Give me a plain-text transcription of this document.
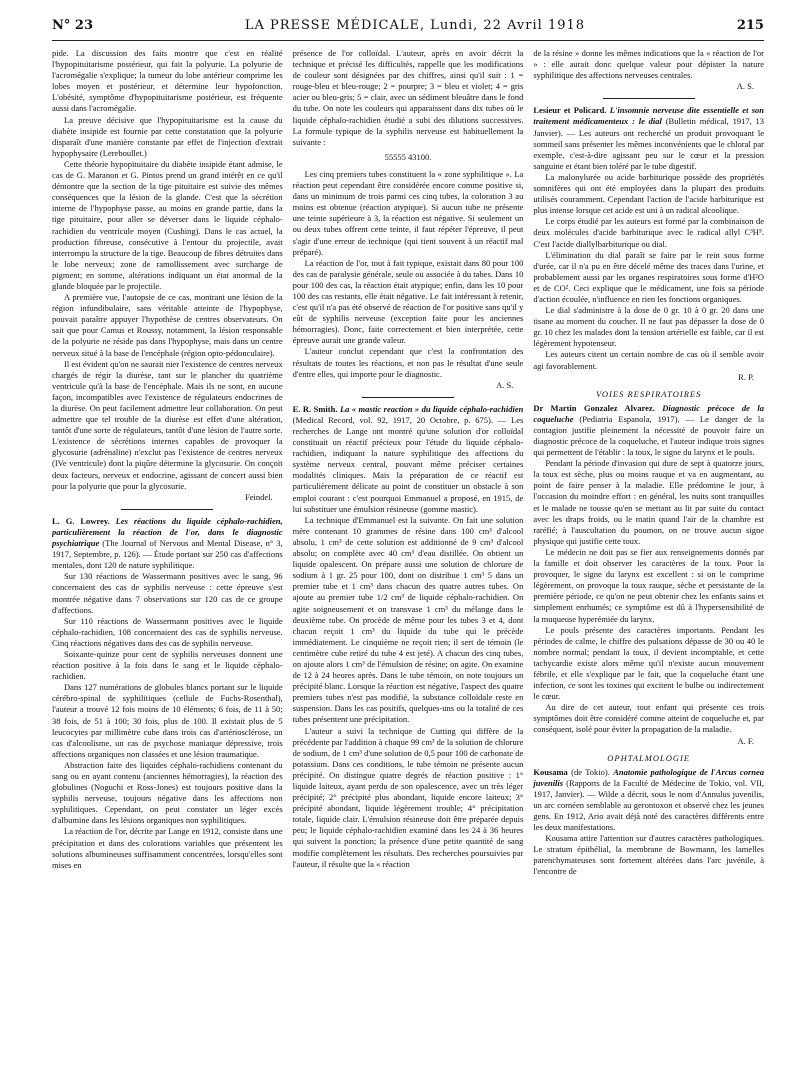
N° 23	LA PRESSE MÉDICALE, Lundi, 22 Avril 1918	215

pide. La discussion des faits montre que c'est en réalité l'hypopituitarisme postérieur, qui fait la polyurie. La polyurie de l'acromégalie s'explique; la tumeur du lobe antérieur comprime les lobes moyen et postérieur, et détermine leur hypofonction. L'obésité, symptôme d'hypopituitarisme postérieur, est fréquente aussi dans l'acromégalie.

La preuve décisive que l'hypopituitarisme est la cause du diabète insipide est fournie par cette constatation que la polyurie disparaît d'une manière constante par effet de l'injection d'extrait hypophysaire (Lereboullet.)

Cette théorie hypopituitaire du diabète insipide étant admise, le cas de G. Maranon et G. Pintos prend un grand intérêt en ce qu'il démontre que la section de la tige pituitaire est suivie des mêmes conséquences que la lésion de la glande. C'est que la sécrétion interne de l'hypophyse passe, au moins en grande partie, dans la tige pituitaire, pour aller se déverser dans le liquide céphalo-rachidien du ventricule moyen (Cushing). Dans le cas actuel, la production fibreuse, consécutive à l'entour du projectile, avait interrompu la structure de la tige. Beaucoup de fibres détruites dans le lobe nerveux; zone de ramollissement avec surcharge de pigment; en somme, altérations indiquant un état anormal de la glande bloquée par le projectile.

A première vue, l'autopsie de ce cas, montrant une lésion de la région infundibulaire, sans véritable atteinte de l'hypophyse, pouvait paraître appuyer l'hypothèse de centres observateurs. On sait que pour Camus et Roussy, notamment, la lésion responsable de la polyurie ne réside pas dans l'hypophyse, mais dans un centre nerveux situé à la base de l'encéphale (région opto-pédonculaire).

Il est évident qu'on ne saurait nier l'existence de centres nerveux chargés de régir la diurèse, tant sur le plancher du quatrième ventricule qu'à la base de l'encéphale. Mais ils ne sont, en aucune façon, incompatibles avec l'existence de régulateurs endocrines de la diurèse. On peut facilement admettre leur collaboration. On peut admettre que tel trouble de la diurèse est effet d'une altération, tantôt d'une sorte de régulateurs, tantôt d'une lésion de l'autre sorte. L'existence de sécrétions internes capables de provoquer la glycosurie (adrénaline) n'exclut pas l'existence de centres nerveux (IVe ventricule) dont la piqûre détermine la glycosurie. On conçoit deux facteurs, nerveux et endocrine, agissant de concert aussi bien pour la polyurie que pour la glycosurie.

Feindel.

L. G. Lowrey. Les réactions du liquide céphalo-rachidien, particulièrement la réaction de l'or, dans le diagnostic psychiatrique (The Journal of Nervous and Mental Disease, n° 3, 1917, Septembre, p. 126). — Étude portant sur 250 cas d'affections mentales, dont 120 de nature syphilitique.

Sur 130 réactions de Wassermann positives avec le sang, 96 concernaient des cas de syphilis nerveuse : cette épreuve s'est montrée négative dans 7 observations sur 120 cas de ce groupe d'affections.

Sur 110 réactions de Wassermann positives avec le liquide céphalo-rachidien, 108 concernaient des cas de syphilis nerveuse. Cinq réactions négatives dans des cas de syphilis nerveuse.

Soixante-quinze pour cent de syphilis nerveuses donnent une réaction positive à la fois dans le sang et le liquide céphalo-rachidien.

Dans 127 numérations de globules blancs portant sur le liquide cérébro-spinal de syphilitiques (cellule de Fuchs-Rosenthal), l'auteur a trouvé 12 fois moins de 10 éléments; 6 fois, de 11 à 50; 38 fois, de 51 à 100; 30 fois, plus de 100. Il existait plus de 5 leucocytes par millimètre cube dans trois cas d'artériosclérose, un cas d'alcoolisme, un cas de psychose maniaque dépressive, trois affections organiques non classées et une lésion traumatique.

Abstraction faite des liquides céphalo-rachidiens contenant du sang ou en ayant contenu (anciennes hémorragies), la réaction des globulines (Noguchi et Ross-Jones) est toujours positive dans la syphilis nerveuse, toujours négative dans les affections non syphilitiques. Cependant, on peut constater un léger excès d'albumine dans les lésions organiques non syphilitiques.

La réaction de l'or, décrite par Lange en 1912, consiste dans une précipitation et dans des colorations variables que présentent les solutions albumineuses suffisamment concentrées, lorsqu'elles sont mises en

présence de l'or colloïdal. L'auteur, après en avoir décrit la technique et précisé les difficultés, rappelle que les modifications de couleur sont désignées par des chiffres, ainsi qu'il suit : 1 = rouge-bleu et bleu-rouge; 2 = pourpre; 3 = bleu et violet; 4 = gris acier ou bleu-gris; 5 = clair, avec un sédiment bleuâtre dans le fond du tube. On note les couleurs qui apparaissent dans dix tubes où le liquide céphalo-rachidien étudié a subi des dilutions successives. La formule typique de la syphilis nerveuse est habituellement la suivante :

55555 43100.

Les cinq premiers tubes constituent la « zone syphilitique ». La réaction peut cependant être considérée encore comme positive si, dans un minimum de trois parmi ces cinq tubes, la coloration 3 au moins est obtenue (réaction atypique). Si aucun tube ne présente une teinte supérieure à 3, la réaction est négative. Si seulement un ou deux tubes offrent cette teinte, il faut répéter l'épreuve, il peut s'agir d'une erreur de technique (qui tient souvent à un réactif mal préparé).

La réaction de l'or, tout à fait typique, existait dans 80 pour 100 des cas de paralysie générale, seule ou associée à du tabes. Dans 10 pour 100 des cas, la réaction était atypique; enfin, dans les 10 pour 100 des cas restants, elle était négative. Le fait intéressant à retenir, c'est qu'il n'a pas été observé de réaction de l'or positive sans qu'il y eût de syphilis nerveuse (exception faite pour les anciennes hémorragies). Donc, faite correctement et bien interprétée, cette épreuve aurait une grande valeur.

L'auteur conclut cependant que c'est la confrontation des résultats de toutes les réactions, et non pas le résultat d'une seule d'entre elles, qui importe pour le diagnostic.

A. S.

E. R. Smith. La « mastic reaction » du liquide céphalo-rachidien (Medical Record, vol. 92, 1917, 20 Octobre, p. 675). — Les recherches de Lange ont montré qu'une solution d'or colloïdal constituait un réactif précieux pour l'étude du liquide céphalo-rachidien, indiquant la nature syphilitique des affections du système nerveux central, pouvant même préciser certaines modalités cliniques. Mais la préparation de ce réactif est particulièrement délicate au point de constituer un obstacle à son emploi courant : c'est pourquoi Emmanuel a proposé, en 1915, de lui substituer une émulsion résineuse (gomme mastic).

La technique d'Emmanuel est la suivante. On fait une solution mère contenant 10 grammes de résine dans 100 cm³ d'alcool absolu, 1 cm³ de cette solution est additionné de 9 cm³ d'alcool absolu; on complète avec 40 cm³ d'eau distillée. On obtient un liquide opalescent. On prépare aussi une solution de chlorure de sodium à 1 gr. 25 pour 100, dont on distribue 1 cm³ 5 dans un premier tube et 1 cm³ dans chacun des quatre autres tubes. On ajoute au premier tube 1/2 cm³ de liquide céphalo-rachidien. On agite soigneusement et on transvase 1 cm³ du mélange dans le deuxième tube. On procède de même pour les tubes 3 et 4, dont chacun reçoit 1 cm³ du liquide du tube qui le précède immédiatement. Le cinquième ne reçoit rien; il sert de témoin (le centimètre cube retiré du tube 4 est jeté). A chacun des cinq tubes, on ajoute alors 1 cm³ de l'émulsion de résine; on agite. On examine de 12 à 24 heures après. Dans le tube témoin, on note toujours un précipité blanc. Lorsque la réaction est négative, l'aspect des quatre premiers tubes n'est pas modifié, la substance colloïdale reste en suspension. Dans les cas positifs, quelques-uns ou la totalité de ces tubes présentent une précipitation.

L'auteur a suivi la technique de Cutting qui diffère de la précédente par l'addition à chaque 99 cm³ de la solution de chlorure de sodium, de 1 cm³ d'une solution de 0,5 pour 100 de carbonate de potassium. Dans ces conditions, le tube témoin ne présente aucun précipité. On distingue quatre degrés de réaction positive : 1° liquide laiteux, ayant perdu de son opalescence, avec un très léger précipité; 2° précipité plus abondant, liquide encore laiteux; 3° précipité abondant, liquide légèrement trouble; 4° précipitation totale, liquide clair. L'émulsion résineuse doit être préparée depuis peu; le liquide céphalo-rachidien examiné dans les 24 à 36 heures qui suivent la ponction; la présence d'une petite quantité de sang modifie complètement les résultats. Des recherches poursuivies par l'auteur, il résulte que la « réaction

de la résine » donne les mêmes indications que la « réaction de l'or » : elle aurait donc quelque valeur pour dépister la nature syphilitique des affections nerveuses centrales.

A. S.

Lesieur et Policard. L'insomnie nerveuse dite essentielle et son traitement médicamenteux : le dial (Bulletin médical, 1917, 13 Janvier). — Les auteurs ont recherché un produit provoquant le sommeil sans présenter les mêmes inconvénients que le chloral par exemple, c'est-à-dire agissant peu sur le cœur et la pression sanguine et étant bien toléré par le tube digestif.

La malonylurée ou acide barbiturique possède des propriétés somnifères qui ont été employées dans la plupart des produits utilisés couramment. Cependant l'action de l'acide barbiturique est plus intense lorsque cet acide est uni à un radical alcoolique.

Le corps étudié par les auteurs est formé par la combinaison de deux molécules d'acide barbiturique avec le radical allyl C³H⁵. C'est l'acide diallylbarbiturique ou dial.

L'élimination du dial paraît se faire par le rein sous forme d'urée, car il n'a pu en être décelé même des traces dans l'urine, et probablement aussi par les organes respiratoires sous forme d'H²O et de CO². Ceci explique que le médicament, une fois sa période d'action écoulée, n'influence en rien les fonctions organiques.

Le dial s'administre à la dose de 0 gr. 10 à 0 gr. 20 dans une tisane au moment du coucher. Il ne faut pas dépasser la dose de 0 gr. 10 chez les malades dont la tension artérielle est faible, car il est légèrement hypotenseur.

Les auteurs citent un certain nombre de cas où il semble avoir agi favorablement.

R. P.

VOIES RESPIRATOIRES

Dr Martin Gonzalez Alvarez. Diagnostic précoce de la coqueluche (Pediatria Espanola, 1917). — Le danger de la contagion justifie pleinement la nécessité de pouvoir faire un diagnostic précoce de la coqueluche, et l'auteur indique trois signes qui permettent de l'établir : la toux, le signe du larynx et le pouls.

Pendant la période d'invasion qui dure de sept à quatorze jours, la toux est sèche, plus ou moins rauque et va en augmentant, au point de faire penser à la maladie. Elle prédomine le jour, à l'occasion du moindre effort : en général, les nuits sont tranquilles et le malade ne tousse qu'en se mettant au lit par suite du contact avec les draps froids, ou le matin quand l'air de la chambre est raréfié; à l'auscultation du poumon, on ne trouve aucun signe physique qui justifie cette toux.

Le médecin ne doit pas se fier aux renseignements donnés par la famille et doit observer les caractères de la toux. Pour la provoquer, le signe du larynx est excellent : si on le comprime légèrement, on provoque la toux rauque, sèche et persistante de la première période, ce qu'on ne peut obtenir chez les enfants sains et simplement enrhumés; ce symptôme est dû à l'hypersensibilité de la muqueuse hyperémiée du larynx.

Le pouls présente des caractères importants. Pendant les périodes de calme, le chiffre des pulsations dépasse de 30 ou 40 le nombre normal; pendant la toux, il devient incomptable, et cette tachycardie existe alors même qu'il n'existe aucun mouvement fébrile, et elle s'explique par le fait, que la coqueluche étant une infection, ce sont les toxines qui excitent le bulbe ou indirectement le cœur.

Au dire de cet auteur, tout enfant qui présente ces trois symptômes doit être considéré comme atteint de coqueluche et, par conséquent, isolé pour éviter la propagation de la maladie.

A. F.

OPHTALMOLOGIE

Kousama (de Tokio). Anatomie pathologique de l'Arcus cornea juvenilis (Rapports de la Faculté de Médecine de Tokio, vol. VII, 1917, Janvier). — Wilde a décrit, sous le nom d'Annulus juvenilis, un arc cornéen semblable au gerontoxon et observé chez les jeunes gens. En 1912, Ario avait déjà noté des caractères différents entre les deux manifestations.

Kousama attire l'attention sur d'autres caractères pathologiques. Le stratum épithélial, la membrane de Bowmann, les lamelles parenchymateuses sont fortement altérées dans l'arc juvénile, à l'encontre de
